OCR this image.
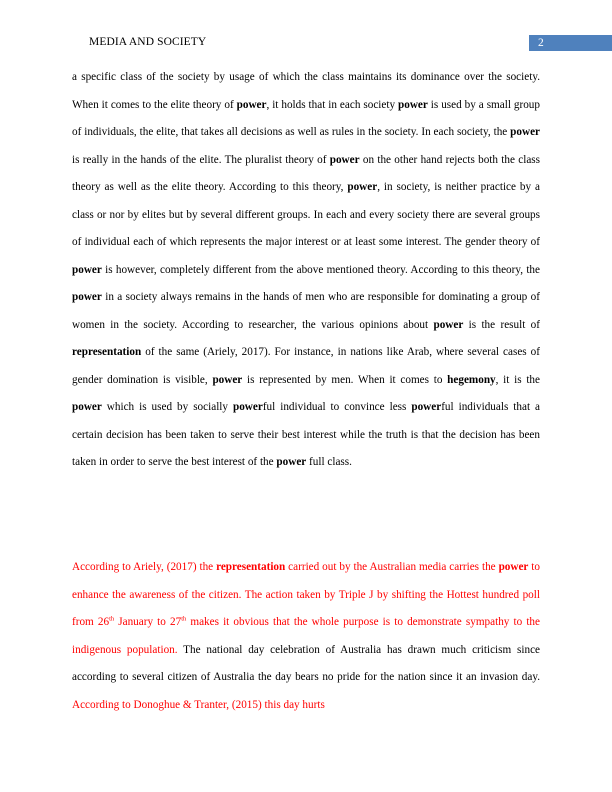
MEDIA AND SOCIETY	2

a specific class of the society by usage of which the class maintains its dominance over the society. When it comes to the elite theory of power, it holds that in each society power is used by a small group of individuals, the elite, that takes all decisions as well as rules in the society. In each society, the power is really in the hands of the elite. The pluralist theory of power on the other hand rejects both the class theory as well as the elite theory. According to this theory, power, in society, is neither practice by a class or nor by elites but by several different groups. In each and every society there are several groups of individual each of which represents the major interest or at least some interest. The gender theory of power is however, completely different from the above mentioned theory. According to this theory, the power in a society always remains in the hands of men who are responsible for dominating a group of women in the society. According to researcher, the various opinions about power is the result of representation of the same (Ariely, 2017). For instance, in nations like Arab, where several cases of gender domination is visible, power is represented by men. When it comes to hegemony, it is the power which is used by socially powerful individual to convince less powerful individuals that a certain decision has been taken to serve their best interest while the truth is that the decision has been taken in order to serve the best interest of the power full class.

According to Ariely, (2017) the representation carried out by the Australian media carries the power to enhance the awareness of the citizen. The action taken by Triple J by shifting the Hottest hundred poll from 26th January to 27th makes it obvious that the whole purpose is to demonstrate sympathy to the indigenous population. The national day celebration of Australia has drawn much criticism since according to several citizen of Australia the day bears no pride for the nation since it an invasion day. According to Donoghue & Tranter, (2015) this day hurts
